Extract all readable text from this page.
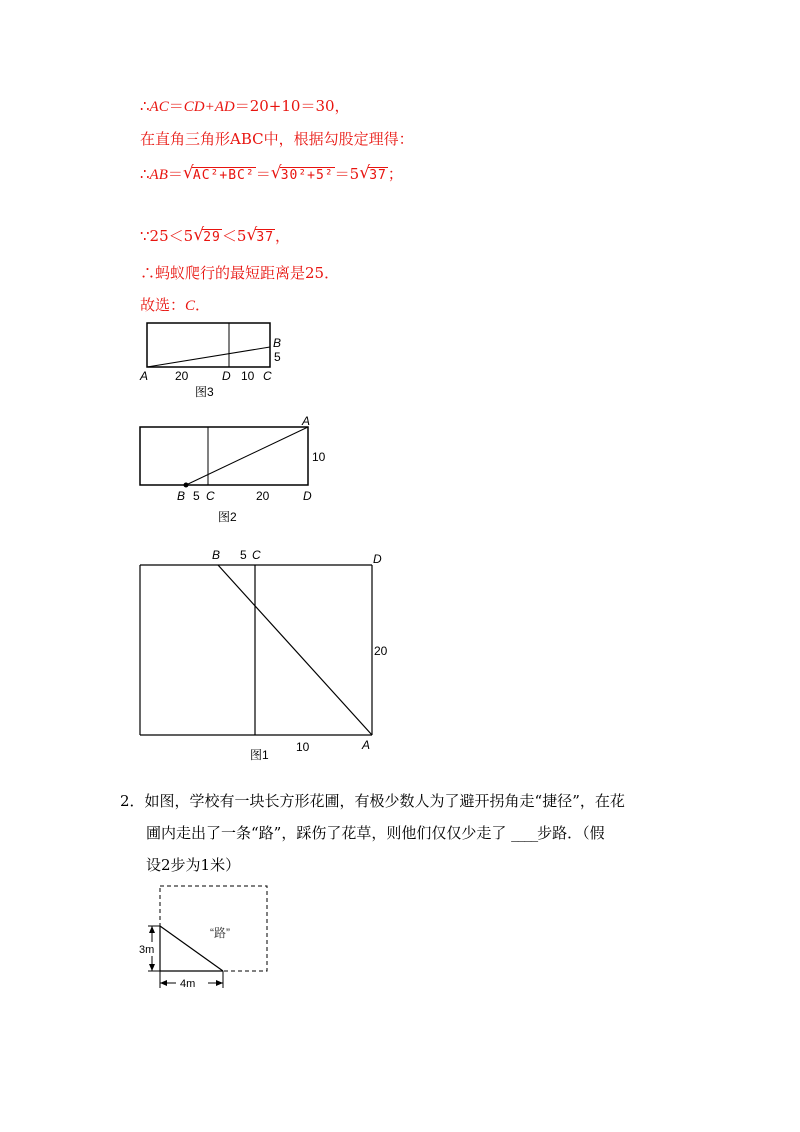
∴AC＝CD+AD＝20+10＝30，
在直角三角形ABC中，根据勾股定理得：
∴AB＝ √ AC²+BC²＝ √ 30²+5²＝5 √ 37；
∵25＜5 √ 29＜5 √ 37，
∴蚂蚁爬行的最短距离是25．
故选：C．
A 20	D 10 C
B
5
图3
A
10
B 5 C	20	D
图2
B 5 C	D
20
10	A
图1
2．如图，学校有一块长方形花圃，有极少数人为了避开拐角走“捷径”，在花
圃内走出了一条“路”，踩伤了花草，则他们仅仅少走了 ____步路．（假
设2步为1米）
3m
4m
“路”
